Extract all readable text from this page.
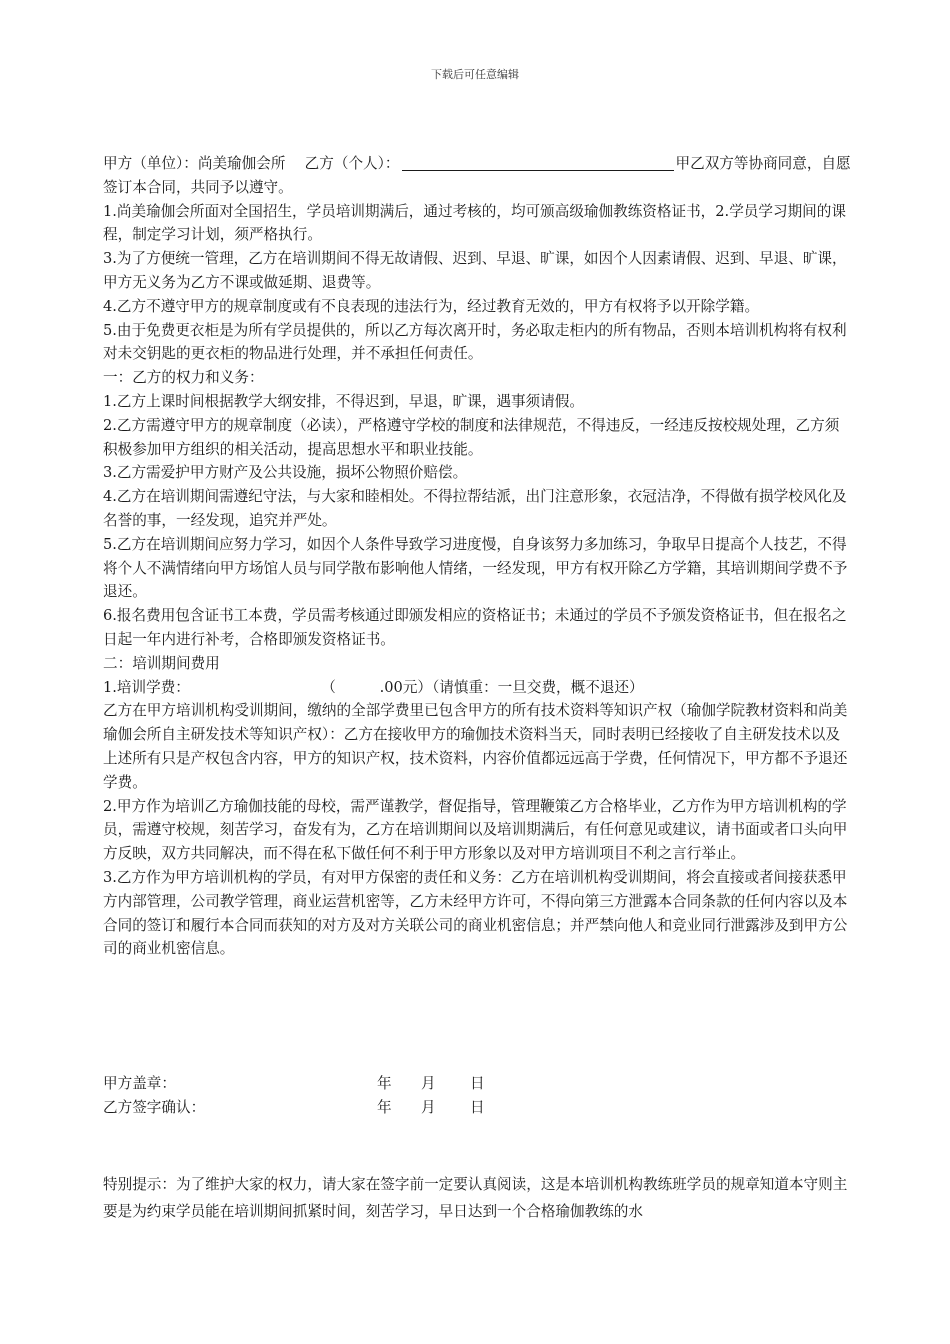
下载后可任意编辑

甲方（单位）：尚美瑜伽会所　 乙方（个人）：	甲乙双方等协商同意，自愿签订本合同，共同予以遵守。

1.尚美瑜伽会所面对全国招生，学员培训期满后，通过考核的，均可颁高级瑜伽教练资格证书，2.学员学习期间的课程，制定学习计划，须严格执行。

3.为了方便统一管理，乙方在培训期间不得无故请假、迟到、早退、旷课，如因个人因素请假、迟到、早退、旷课，甲方无义务为乙方不课或做延期、退费等。

4.乙方不遵守甲方的规章制度或有不良表现的违法行为，经过教育无效的，甲方有权将予以开除学籍。

5.由于免费更衣柜是为所有学员提供的，所以乙方每次离开时，务必取走柜内的所有物品，否则本培训机构将有权利对未交钥匙的更衣柜的物品进行处理，并不承担任何责任。

一：乙方的权力和义务：

1.乙方上课时间根据教学大纲安排，不得迟到，早退，旷课，遇事须请假。

2.乙方需遵守甲方的规章制度（必读），严格遵守学校的制度和法律规范，不得违反，一经违反按校规处理，乙方须积极参加甲方组织的相关活动，提高思想水平和职业技能。

3.乙方需爱护甲方财产及公共设施，损坏公物照价赔偿。

4.乙方在培训期间需遵纪守法，与大家和睦相处。不得拉帮结派，出门注意形象，衣冠洁净，不得做有损学校风化及名誉的事，一经发现，追究并严处。

5.乙方在培训期间应努力学习，如因个人条件导致学习进度慢，自身该努力多加练习，争取早日提高个人技艺，不得将个人不满情绪向甲方场馆人员与同学散布影响他人情绪，一经发现，甲方有权开除乙方学籍，其培训期间学费不予退还。

6.报名费用包含证书工本费，学员需考核通过即颁发相应的资格证书；未通过的学员不予颁发资格证书，但在报名之日起一年内进行补考，合格即颁发资格证书。

二：培训期间费用

1.培训学费：　　　　　　　　　　（　　　.00元）（请慎重：一旦交费，概不退还）

乙方在甲方培训机构受训期间，缴纳的全部学费里已包含甲方的所有技术资料等知识产权（瑜伽学院教材资料和尚美瑜伽会所自主研发技术等知识产权）：乙方在接收甲方的瑜伽技术资料当天，同时表明已经接收了自主研发技术以及上述所有只是产权包含内容，甲方的知识产权，技术资料，内容价值都远远高于学费，任何情况下，甲方都不予退还学费。

2.甲方作为培训乙方瑜伽技能的母校，需严谨教学，督促指导，管理鞭策乙方合格毕业，乙方作为甲方培训机构的学员，需遵守校规，刻苦学习，奋发有为，乙方在培训期间以及培训期满后，有任何意见或建议，请书面或者口头向甲方反映，双方共同解决，而不得在私下做任何不利于甲方形象以及对甲方培训项目不利之言行举止。

3.乙方作为甲方培训机构的学员，有对甲方保密的责任和义务：乙方在培训机构受训期间，将会直接或者间接获悉甲方内部管理，公司教学管理，商业运营机密等，乙方未经甲方许可，不得向第三方泄露本合同条款的任何内容以及本合同的签订和履行本合同而获知的对方及对方关联公司的商业机密信息；并严禁向他人和竞业同行泄露涉及到甲方公司的商业机密信息。

甲方盖章：	年 月 日
乙方签字确认：	年 月 日

特别提示：为了维护大家的权力，请大家在签字前一定要认真阅读，这是本培训机构教练班学员的规章知道本守则主要是为约束学员能在培训期间抓紧时间，刻苦学习，早日达到一个合格瑜伽教练的水
